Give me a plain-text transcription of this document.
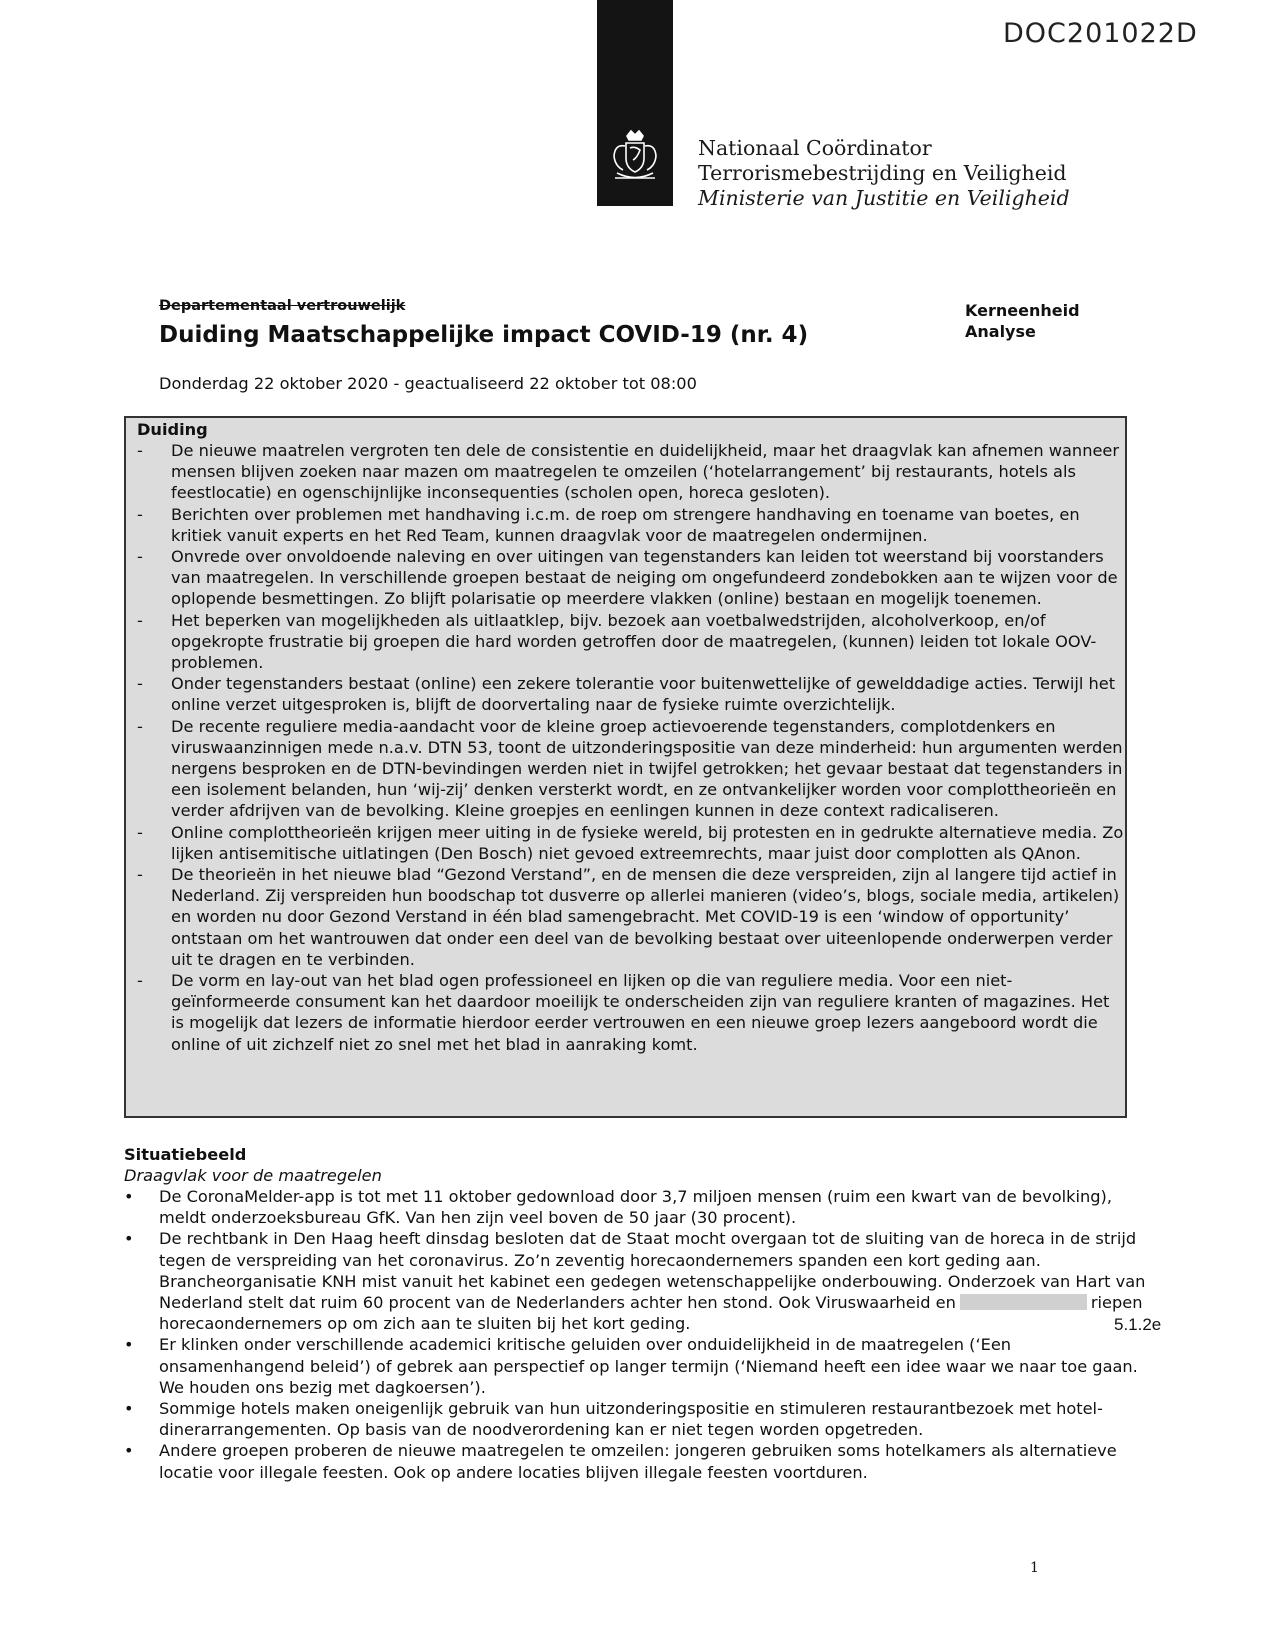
DOC201022D
Nationaal Coördinator
Terrorismebestrijding en Veiligheid
Ministerie van Justitie en Veiligheid
Departementaal vertrouwelijk
Duiding Maatschappelijke impact COVID-19 (nr. 4)
Kerneenheid
Analyse
Donderdag 22 oktober 2020 - geactualiseerd 22 oktober tot 08:00
Duiding
- De nieuwe maatrelen vergroten ten dele de consistentie en duidelijkheid, maar het draagvlak kan afnemen wanneer mensen blijven zoeken naar mazen om maatregelen te omzeilen (‘hotelarrangement’ bij restaurants, hotels als feestlocatie) en ogenschijnlijke inconsequenties (scholen open, horeca gesloten).
- Berichten over problemen met handhaving i.c.m. de roep om strengere handhaving en toename van boetes, en kritiek vanuit experts en het Red Team, kunnen draagvlak voor de maatregelen ondermijnen.
- Onvrede over onvoldoende naleving en over uitingen van tegenstanders kan leiden tot weerstand bij voorstanders van maatregelen. In verschillende groepen bestaat de neiging om ongefundeerd zondebokken aan te wijzen voor de oplopende besmettingen. Zo blijft polarisatie op meerdere vlakken (online) bestaan en mogelijk toenemen.
- Het beperken van mogelijkheden als uitlaatklep, bijv. bezoek aan voetbalwedstrijden, alcoholverkoop, en/of opgekropte frustratie bij groepen die hard worden getroffen door de maatregelen, (kunnen) leiden tot lokale OOV-problemen.
- Onder tegenstanders bestaat (online) een zekere tolerantie voor buitenwettelijke of gewelddadige acties. Terwijl het online verzet uitgesproken is, blijft de doorvertaling naar de fysieke ruimte overzichtelijk.
- De recente reguliere media-aandacht voor de kleine groep actievoerende tegenstanders, complotdenkers en viruswaanzinnigen mede n.a.v. DTN 53, toont de uitzonderingspositie van deze minderheid: hun argumenten werden nergens besproken en de DTN-bevindingen werden niet in twijfel getrokken; het gevaar bestaat dat tegenstanders in een isolement belanden, hun ‘wij-zij’ denken versterkt wordt, en ze ontvankelijker worden voor complottheorieën en verder afdrijven van de bevolking. Kleine groepjes en eenlingen kunnen in deze context radicaliseren.
- Online complottheorieën krijgen meer uiting in de fysieke wereld, bij protesten en in gedrukte alternatieve media. Zo lijken antisemitische uitlatingen (Den Bosch) niet gevoed extreemrechts, maar juist door complotten als QAnon.
- De theorieën in het nieuwe blad “Gezond Verstand”, en de mensen die deze verspreiden, zijn al langere tijd actief in Nederland. Zij verspreiden hun boodschap tot dusverre op allerlei manieren (video’s, blogs, sociale media, artikelen) en worden nu door Gezond Verstand in één blad samengebracht. Met COVID-19 is een ‘window of opportunity’ ontstaan om het wantrouwen dat onder een deel van de bevolking bestaat over uiteenlopende onderwerpen verder uit te dragen en te verbinden.
- De vorm en lay-out van het blad ogen professioneel en lijken op die van reguliere media. Voor een niet-geïnformeerde consument kan het daardoor moeilijk te onderscheiden zijn van reguliere kranten of magazines. Het is mogelijk dat lezers de informatie hierdoor eerder vertrouwen en een nieuwe groep lezers aangeboord wordt die online of uit zichzelf niet zo snel met het blad in aanraking komt.
Situatiebeeld
Draagvlak voor de maatregelen
• De CoronaMelder-app is tot met 11 oktober gedownload door 3,7 miljoen mensen (ruim een kwart van de bevolking), meldt onderzoeksbureau GfK. Van hen zijn veel boven de 50 jaar (30 procent).
• De rechtbank in Den Haag heeft dinsdag besloten dat de Staat mocht overgaan tot de sluiting van de horeca in de strijd tegen de verspreiding van het coronavirus. Zo’n zeventig horecaondernemers spanden een kort geding aan. Brancheorganisatie KNH mist vanuit het kabinet een gedegen wetenschappelijke onderbouwing. Onderzoek van Hart van Nederland stelt dat ruim 60 procent van de Nederlanders achter hen stond. Ook Viruswaarheid en	riepen horecaondernemers op om zich aan te sluiten bij het kort geding.
• Er klinken onder verschillende academici kritische geluiden over onduidelijkheid in de maatregelen (‘Een onsamenhangend beleid’) of gebrek aan perspectief op langer termijn (‘Niemand heeft een idee waar we naar toe gaan. We houden ons bezig met dagkoersen’).
• Sommige hotels maken oneigenlijk gebruik van hun uitzonderingspositie en stimuleren restaurantbezoek met hotel-dinerarrangementen. Op basis van de noodverordening kan er niet tegen worden opgetreden.
• Andere groepen proberen de nieuwe maatregelen te omzeilen: jongeren gebruiken soms hotelkamers als alternatieve locatie voor illegale feesten. Ook op andere locaties blijven illegale feesten voortduren.
5.1.2e
1
